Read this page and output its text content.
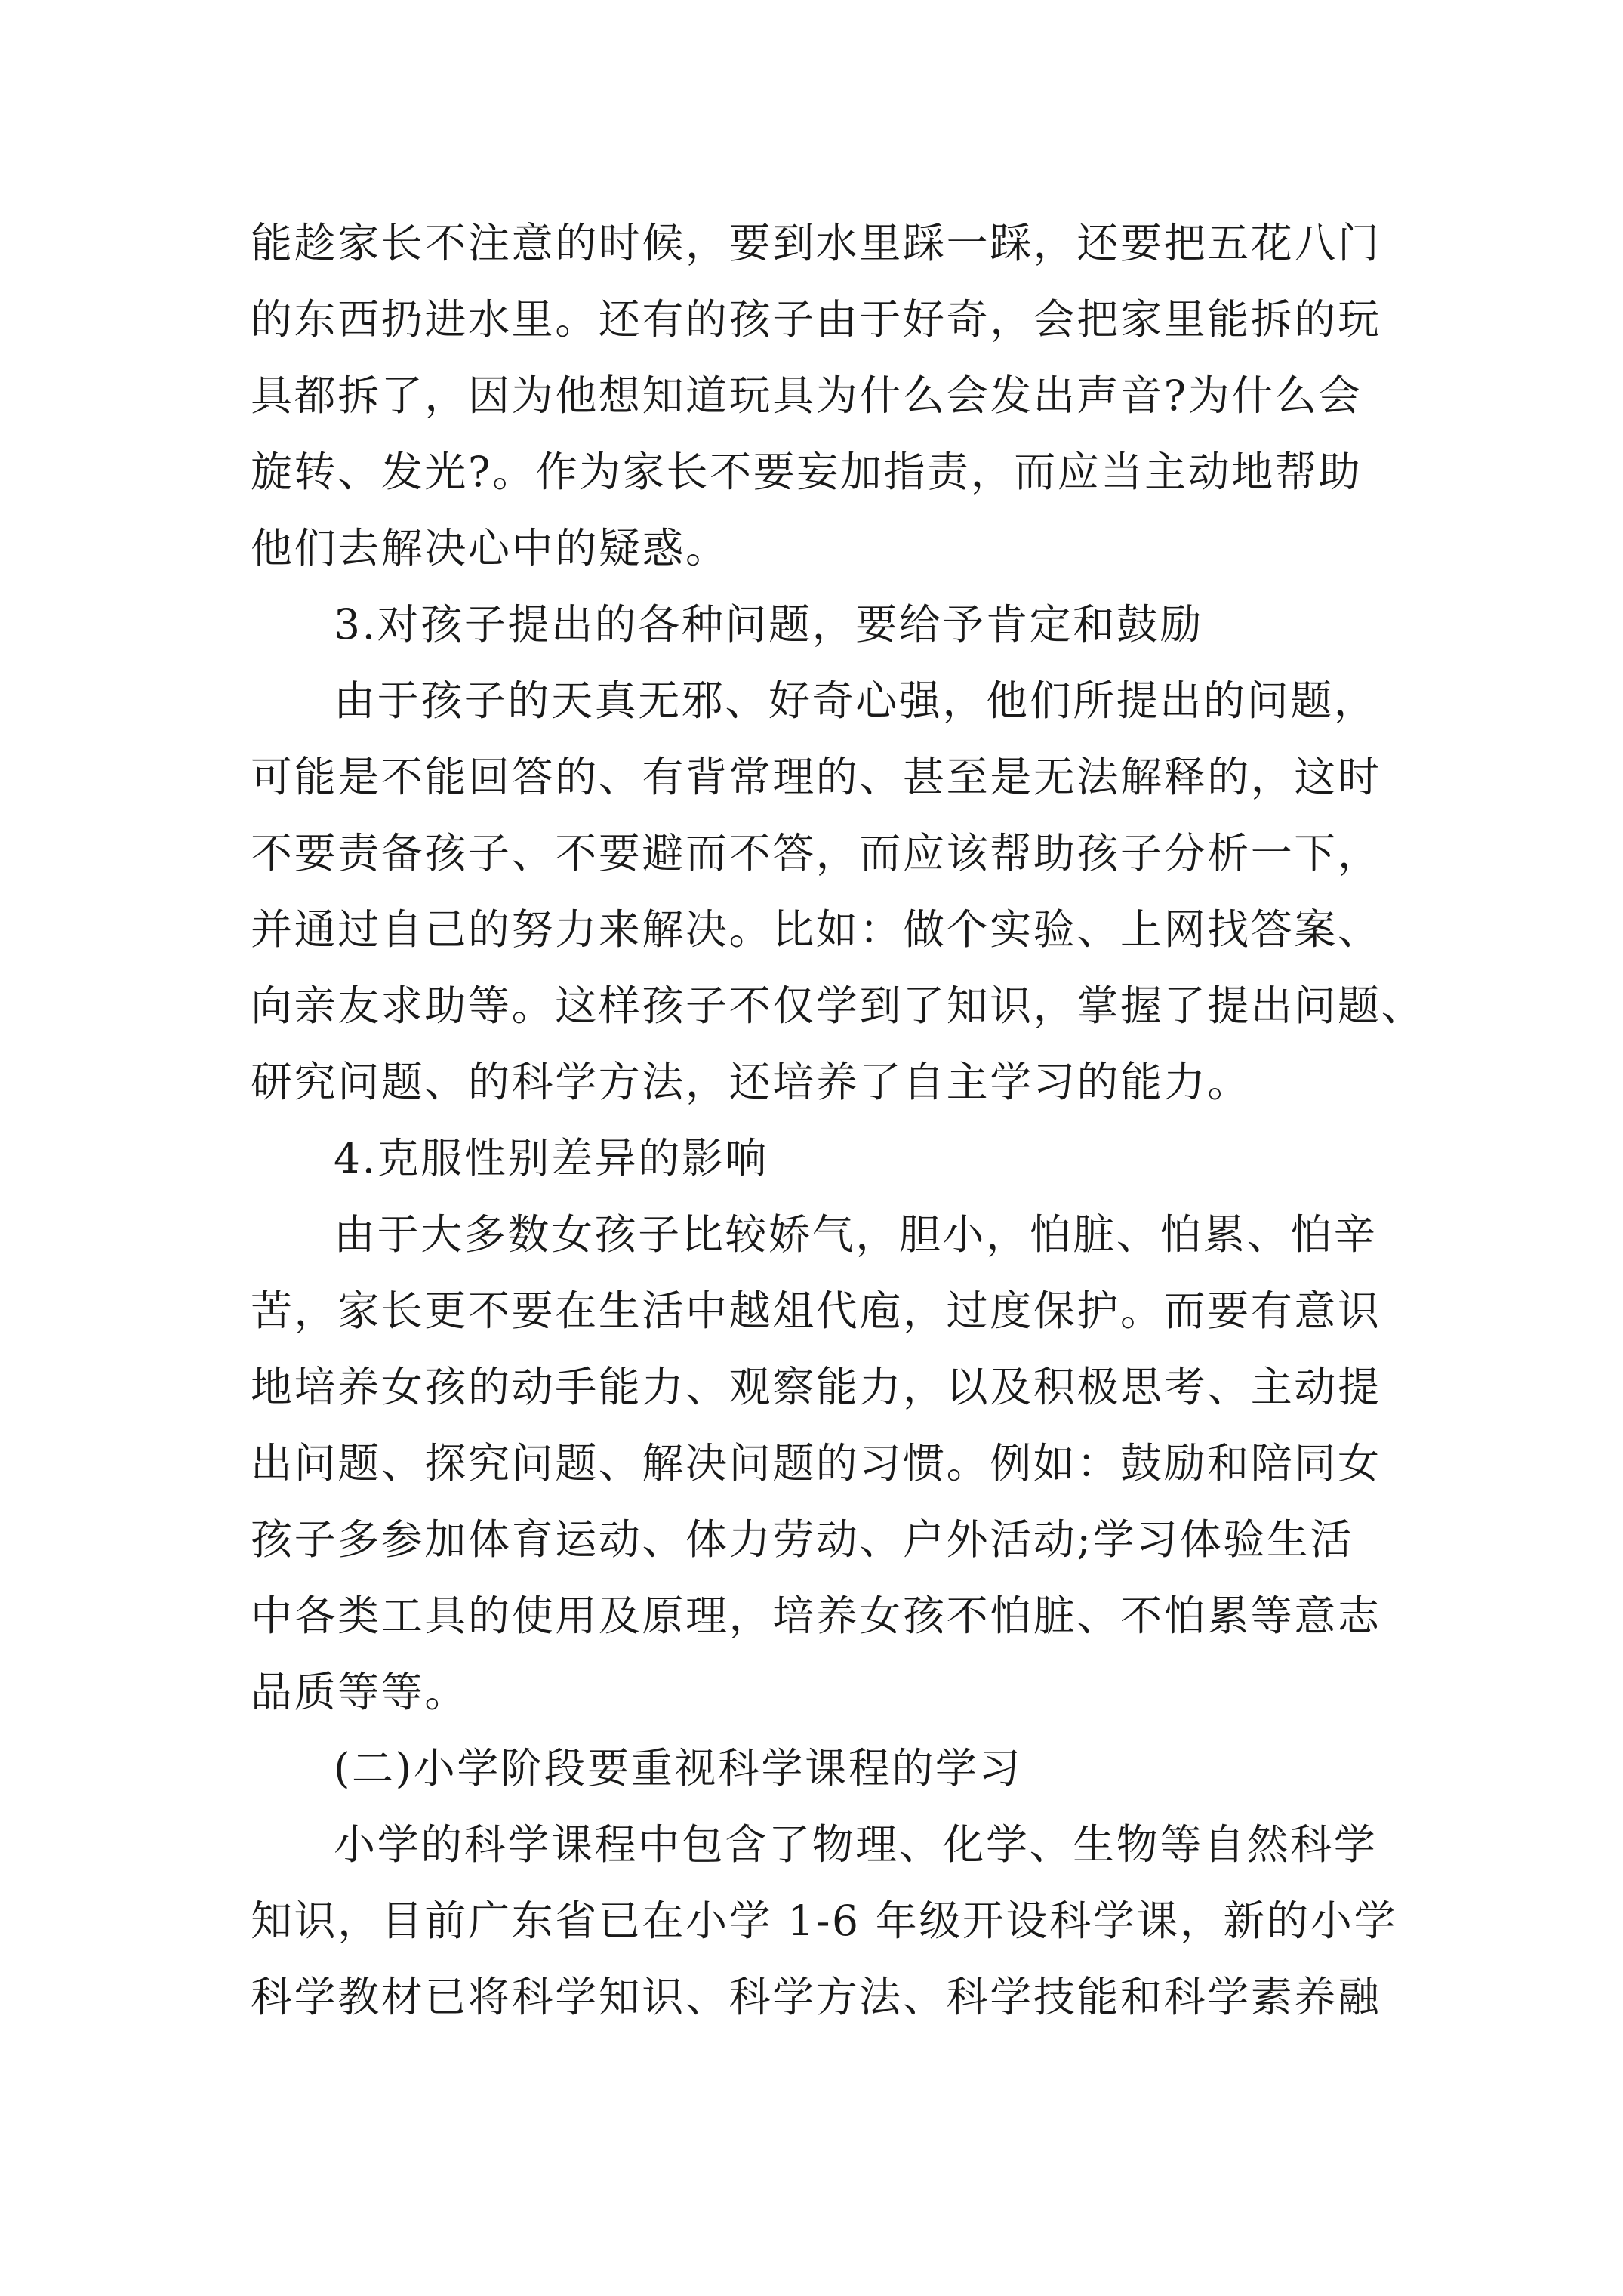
能趁家长不注意的时候，要到水里踩一踩，还要把五花八门
的东西扔进水里。还有的孩子由于好奇，会把家里能拆的玩
具都拆了，因为他想知道玩具为什么会发出声音?为什么会
旋转、发光?。作为家长不要妄加指责，而应当主动地帮助
他们去解决心中的疑惑。
3.对孩子提出的各种问题，要给予肯定和鼓励
由于孩子的天真无邪、好奇心强，他们所提出的问题，
可能是不能回答的、有背常理的、甚至是无法解释的，这时
不要责备孩子、不要避而不答，而应该帮助孩子分析一下，
并通过自己的努力来解决。比如：做个实验、上网找答案、
向亲友求助等。这样孩子不仅学到了知识，掌握了提出问题、
研究问题、的科学方法，还培养了自主学习的能力。
4.克服性别差异的影响
由于大多数女孩子比较娇气，胆小，怕脏、怕累、怕辛
苦，家长更不要在生活中越俎代庖，过度保护。而要有意识
地培养女孩的动手能力、观察能力，以及积极思考、主动提
出问题、探究问题、解决问题的习惯。例如：鼓励和陪同女
孩子多参加体育运动、体力劳动、户外活动;学习体验生活
中各类工具的使用及原理，培养女孩不怕脏、不怕累等意志
品质等等。
(二)小学阶段要重视科学课程的学习
小学的科学课程中包含了物理、化学、生物等自然科学
知识，目前广东省已在小学 1-6 年级开设科学课，新的小学
科学教材已将科学知识、科学方法、科学技能和科学素养融
